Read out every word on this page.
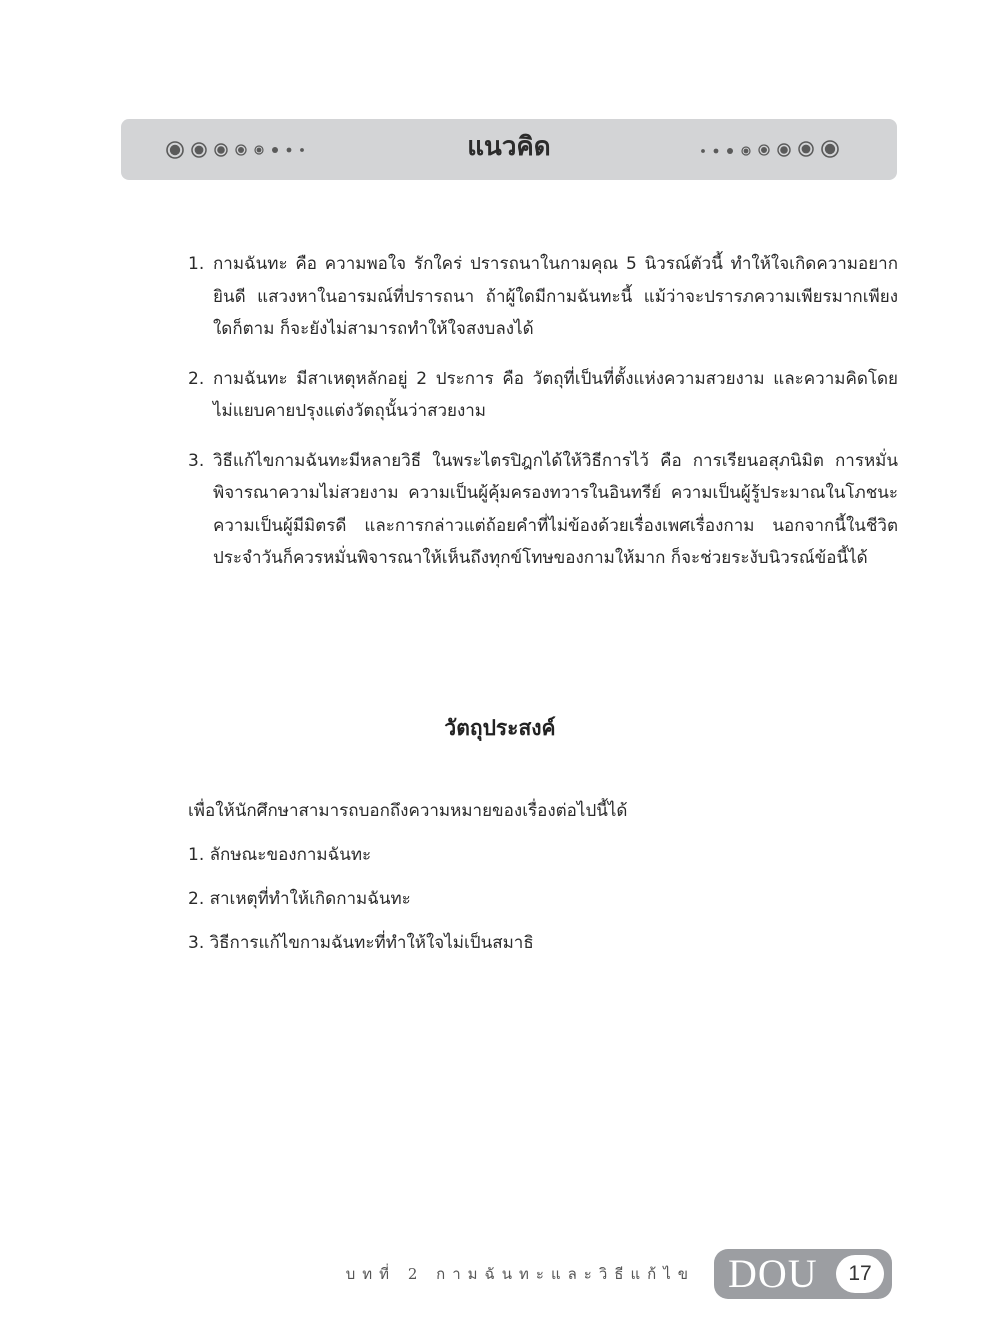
แนวคิด
1. กามฉันทะ คือ ความพอใจ รักใคร่ ปรารถนาในกามคุณ 5 นิวรณ์ตัวนี้ ทำให้ใจเกิดความอยากยินดี แสวงหาในอารมณ์ที่ปรารถนา ถ้าผู้ใดมีกามฉันทะนี้ แม้ว่าจะปรารภความเพียรมากเพียงใดก็ตาม ก็จะยังไม่สามารถทำให้ใจสงบลงได้
2. กามฉันทะ มีสาเหตุหลักอยู่ 2 ประการ คือ วัตถุที่เป็นที่ตั้งแห่งความสวยงาม และความคิดโดยไม่แยบคายปรุงแต่งวัตถุนั้นว่าสวยงาม
3. วิธีแก้ไขกามฉันทะมีหลายวิธี ในพระไตรปิฎกได้ให้วิธีการไว้ คือ การเรียนอสุภนิมิต การหมั่นพิจารณาความไม่สวยงาม ความเป็นผู้คุ้มครองทวารในอินทรีย์ ความเป็นผู้รู้ประมาณในโภชนะ ความเป็นผู้มีมิตรดี และการกล่าวแต่ถ้อยคำที่ไม่ข้องด้วยเรื่องเพศเรื่องกาม นอกจากนี้ในชีวิตประจำวันก็ควรหมั่นพิจารณาให้เห็นถึงทุกข์โทษของกามให้มาก ก็จะช่วยระงับนิวรณ์ข้อนี้ได้
วัตถุประสงค์

เพื่อให้นักศึกษาสามารถบอกถึงความหมายของเรื่องต่อไปนี้ได้

1. ลักษณะของกามฉันทะ
2. สาเหตุที่ทำให้เกิดกามฉันทะ
3. วิธีการแก้ไขกามฉันทะที่ทำให้ใจไม่เป็นสมาธิ
บทที่ 2 กามฉันทะและวิธีแก้ไข DOU	17
